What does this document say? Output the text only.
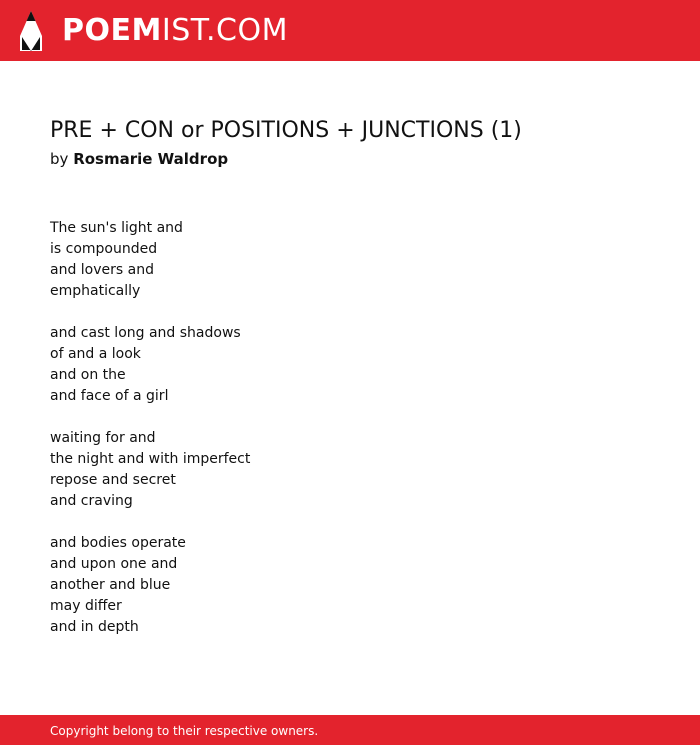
POEMIST.COM
PRE + CON or POSITIONS + JUNCTIONS (1)
by Rosmarie Waldrop
The sun's light and
is compounded
and lovers and
emphatically
and cast long and shadows
of and a look
and on the
and face of a girl
waiting for and
the night and with imperfect
repose and secret
and craving
and bodies operate
and upon one and
another and blue
may differ
and in depth
Copyright belong to their respective owners.
